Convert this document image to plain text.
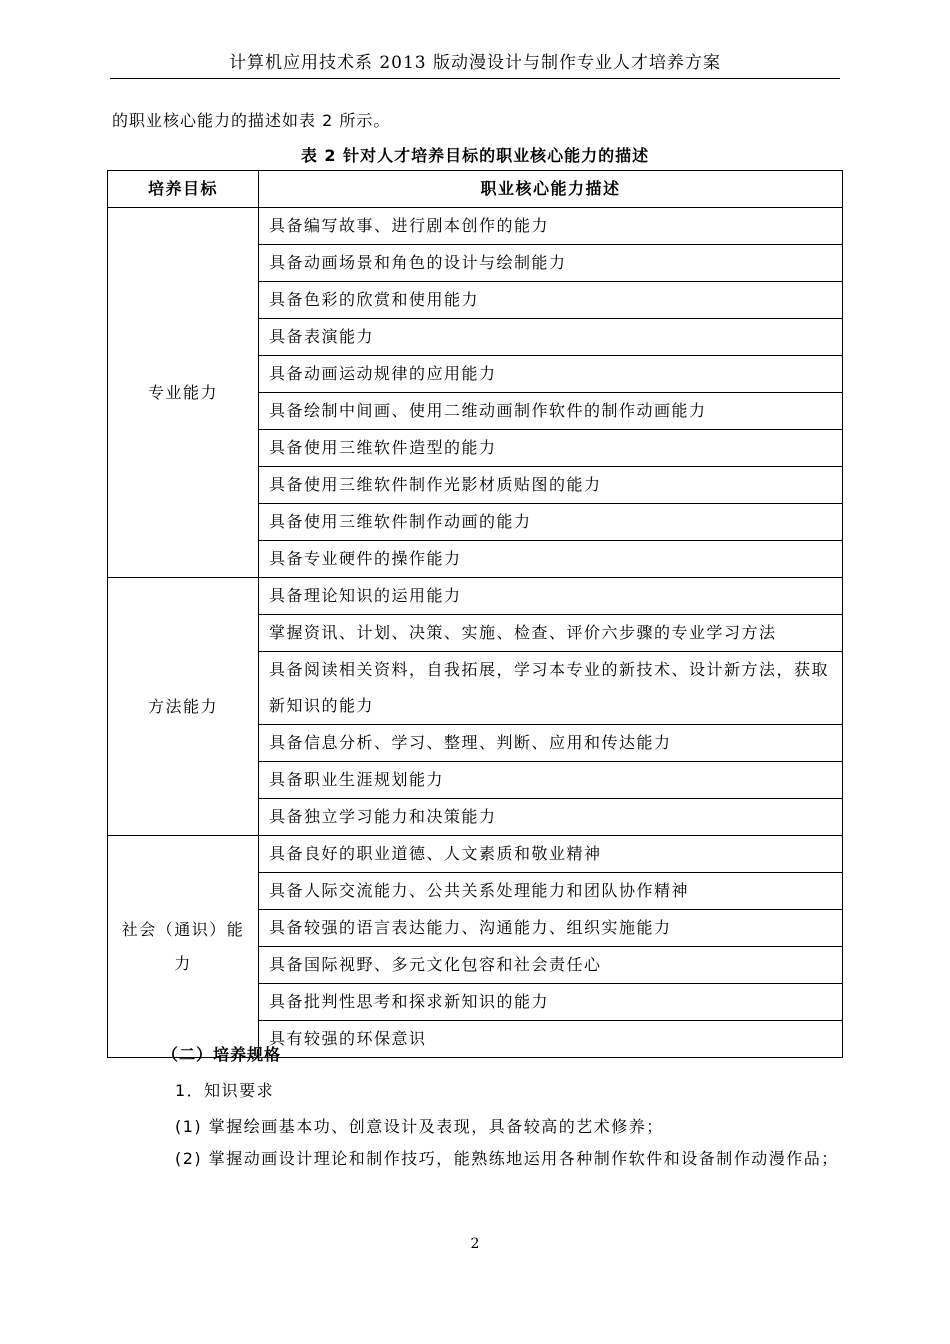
计算机应用技术系 2013 版动漫设计与制作专业人才培养方案
的职业核心能力的描述如表 2 所示。
表 2 针对人才培养目标的职业核心能力的描述
培养目标	职业核心能力描述
专业能力	具备编写故事、进行剧本创作的能力
	具备动画场景和角色的设计与绘制能力
	具备色彩的欣赏和使用能力
	具备表演能力
	具备动画运动规律的应用能力
	具备绘制中间画、使用二维动画制作软件的制作动画能力
	具备使用三维软件造型的能力
	具备使用三维软件制作光影材质贴图的能力
	具备使用三维软件制作动画的能力
	具备专业硬件的操作能力
方法能力	具备理论知识的运用能力
	掌握资讯、计划、决策、实施、检查、评价六步骤的专业学习方法
	具备阅读相关资料，自我拓展，学习本专业的新技术、设计新方法，获取新知识的能力
	具备信息分析、学习、整理、判断、应用和传达能力
	具备职业生涯规划能力
	具备独立学习能力和决策能力
社会（通识）能力	具备良好的职业道德、人文素质和敬业精神
	具备人际交流能力、公共关系处理能力和团队协作精神
	具备较强的语言表达能力、沟通能力、组织实施能力
	具备国际视野、多元文化包容和社会责任心
	具备批判性思考和探求新知识的能力
	具有较强的环保意识
（二）培养规格
1．知识要求
(1) 掌握绘画基本功、创意设计及表现，具备较高的艺术修养；
(2) 掌握动画设计理论和制作技巧，能熟练地运用各种制作软件和设备制作动漫作品；
2
